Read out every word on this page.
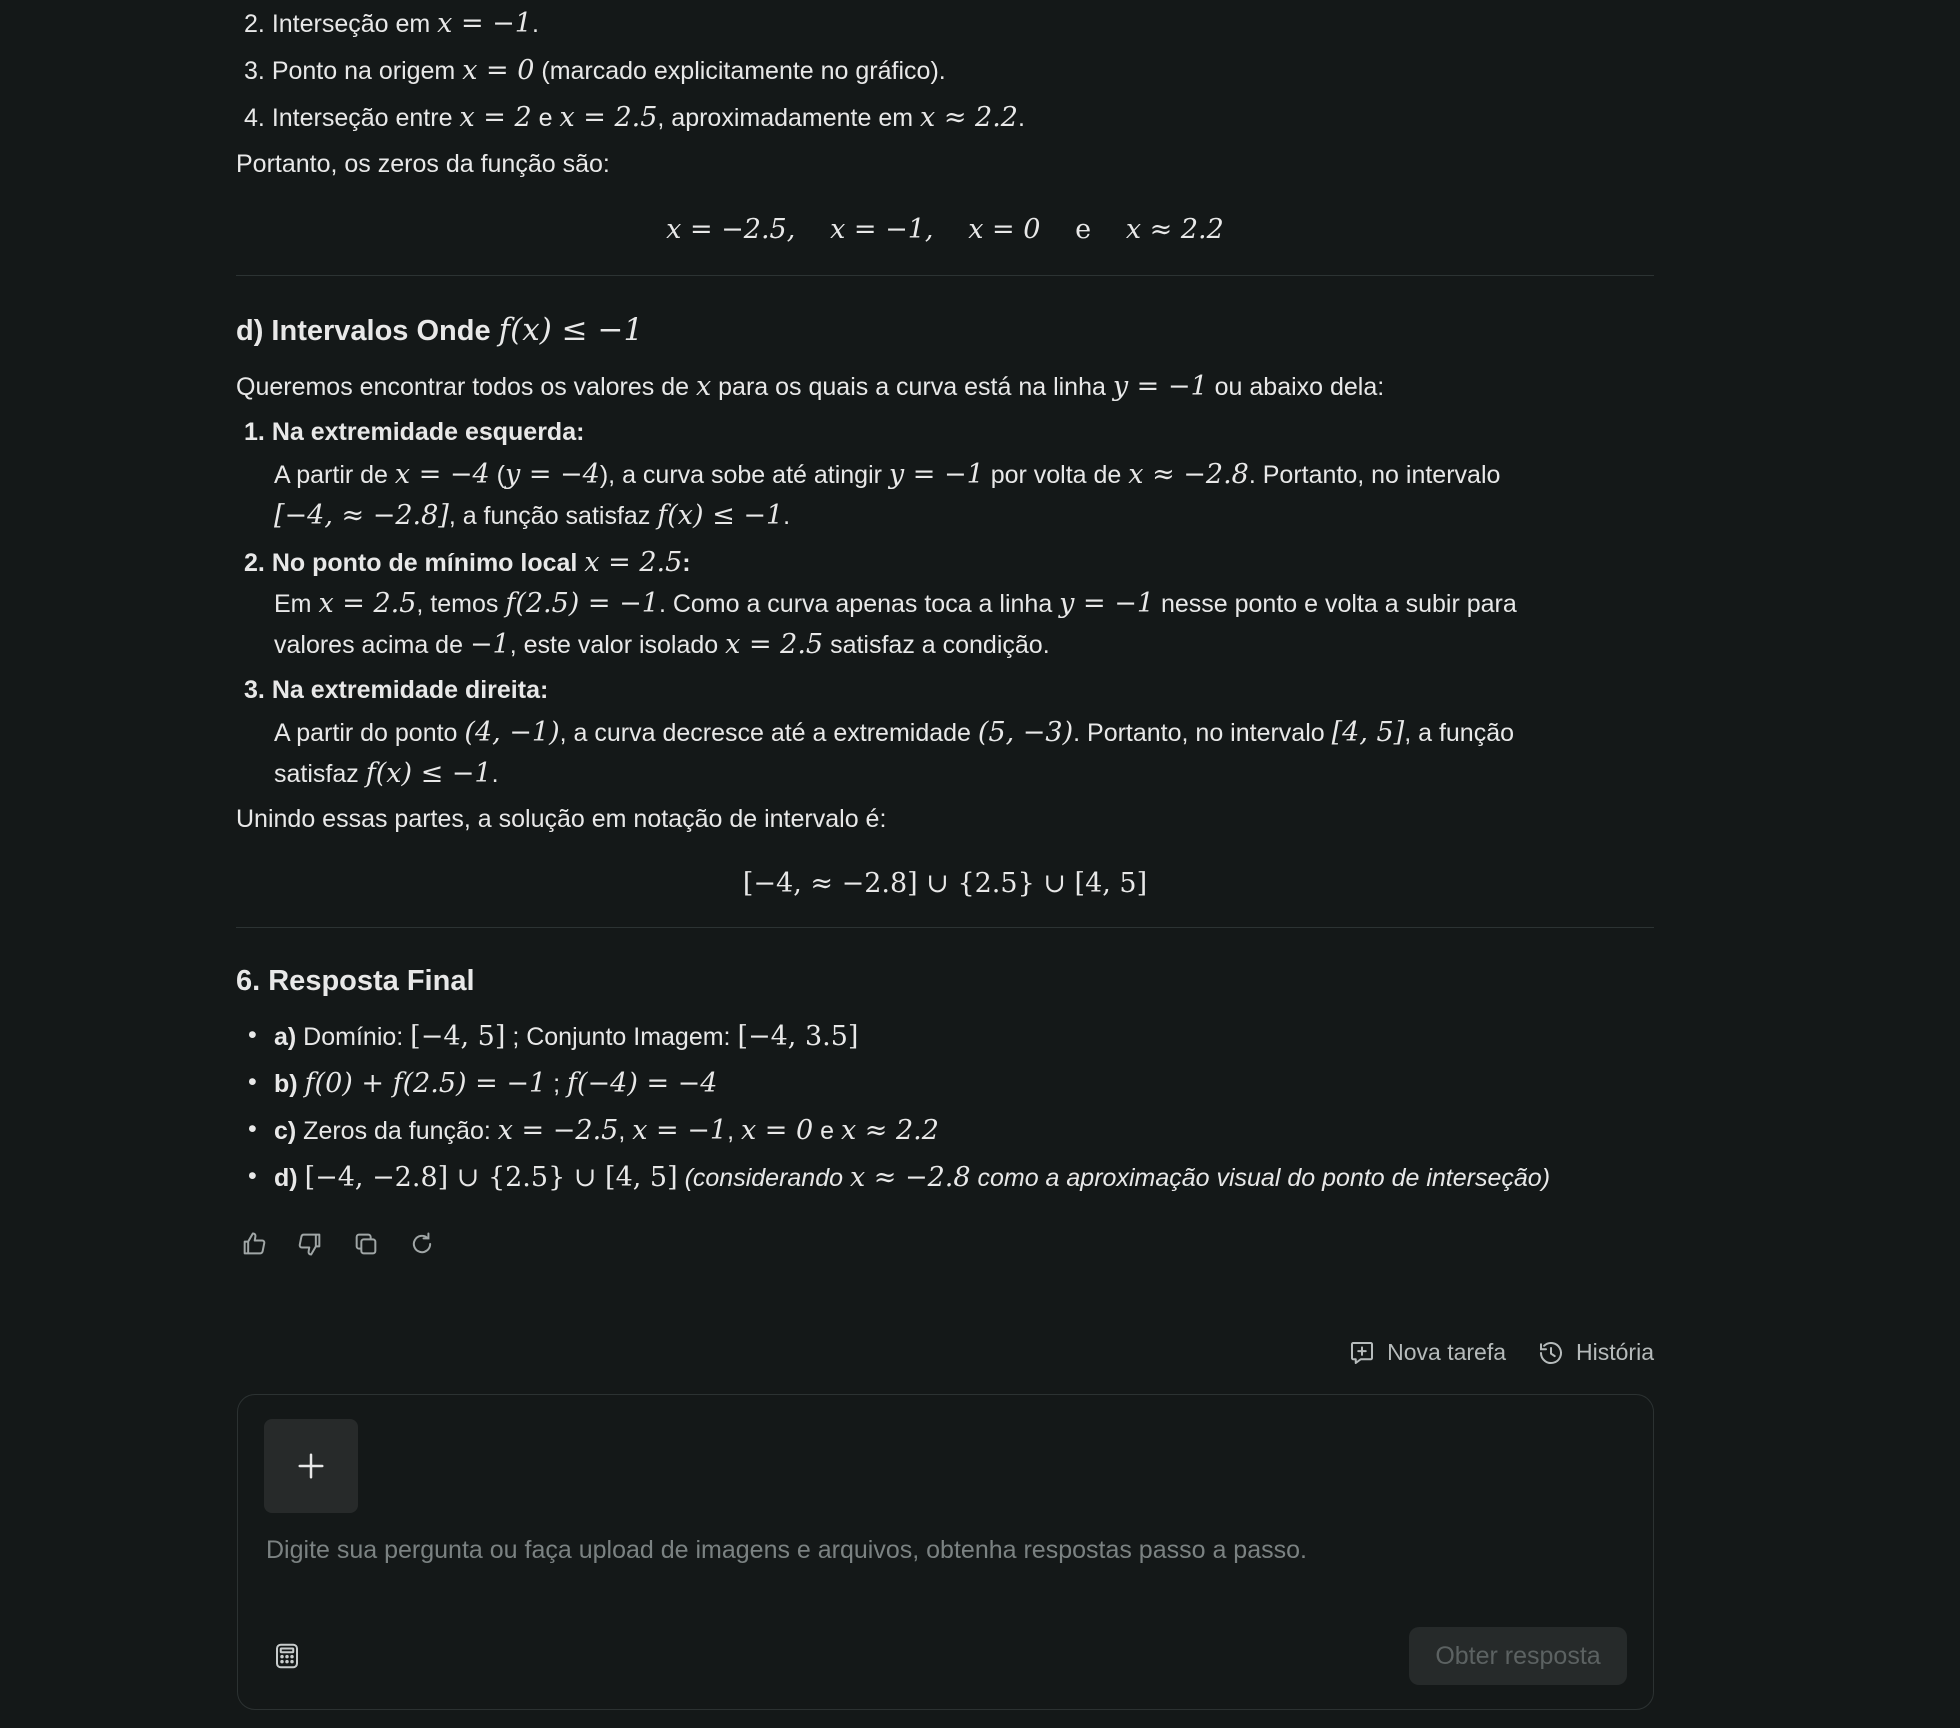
2. Interseção em x = −1.
3. Ponto na origem x = 0 (marcado explicitamente no gráfico).
4. Interseção entre x = 2 e x = 2.5, aproximadamente em x ≈ 2.2.
Portanto, os zeros da função são:
x = −2.5, x = −1, x = 0 e x ≈ 2.2
d) Intervalos Onde f(x) ≤ −1
Queremos encontrar todos os valores de x para os quais a curva está na linha y = −1 ou abaixo dela:
1. Na extremidade esquerda:
A partir de x = −4 (y = −4), a curva sobe até atingir y = −1 por volta de x ≈ −2.8. Portanto, no intervalo
[−4, ≈ −2.8], a função satisfaz f(x) ≤ −1.
2. No ponto de mínimo local x = 2.5:
Em x = 2.5, temos f(2.5) = −1. Como a curva apenas toca a linha y = −1 nesse ponto e volta a subir para
valores acima de −1, este valor isolado x = 2.5 satisfaz a condição.
3. Na extremidade direita:
A partir do ponto (4, −1), a curva decresce até a extremidade (5, −3). Portanto, no intervalo [4, 5], a função
satisfaz f(x) ≤ −1.
Unindo essas partes, a solução em notação de intervalo é:
[−4, ≈ −2.8] ∪ {2.5} ∪ [4, 5]
6. Resposta Final
• a) Domínio: [−4, 5] ; Conjunto Imagem: [−4, 3.5]
• b) f(0) + f(2.5) = −1 ; f(−4) = −4
• c) Zeros da função: x = −2.5, x = −1, x = 0 e x ≈ 2.2
• d) [−4, −2.8] ∪ {2.5} ∪ [4, 5] (considerando x ≈ −2.8 como a aproximação visual do ponto de interseção)
Nova tarefa	História
Digite sua pergunta ou faça upload de imagens e arquivos, obtenha respostas passo a passo.
Obter resposta
